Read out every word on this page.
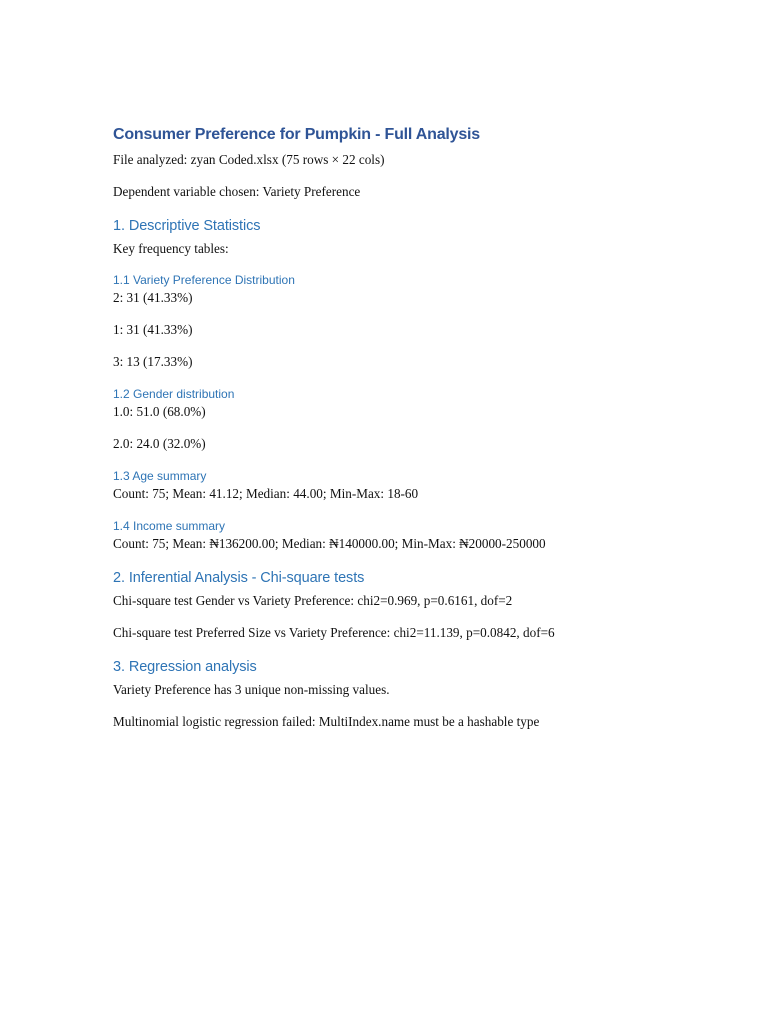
Consumer Preference for Pumpkin - Full Analysis

File analyzed: zyan Coded.xlsx (75 rows × 22 cols)

Dependent variable chosen: Variety Preference

1. Descriptive Statistics

Key frequency tables:

1.1 Variety Preference Distribution

2: 31 (41.33%)

1: 31 (41.33%)

3: 13 (17.33%)

1.2 Gender distribution

1.0: 51.0 (68.0%)

2.0: 24.0 (32.0%)

1.3 Age summary

Count: 75; Mean: 41.12; Median: 44.00; Min-Max: 18-60

1.4 Income summary

Count: 75; Mean: ₦136200.00; Median: ₦140000.00; Min-Max: ₦20000-250000

2. Inferential Analysis - Chi-square tests

Chi-square test Gender vs Variety Preference: chi2=0.969, p=0.6161, dof=2

Chi-square test Preferred Size vs Variety Preference: chi2=11.139, p=0.0842, dof=6

3. Regression analysis

Variety Preference has 3 unique non-missing values.

Multinomial logistic regression failed: MultiIndex.name must be a hashable type
